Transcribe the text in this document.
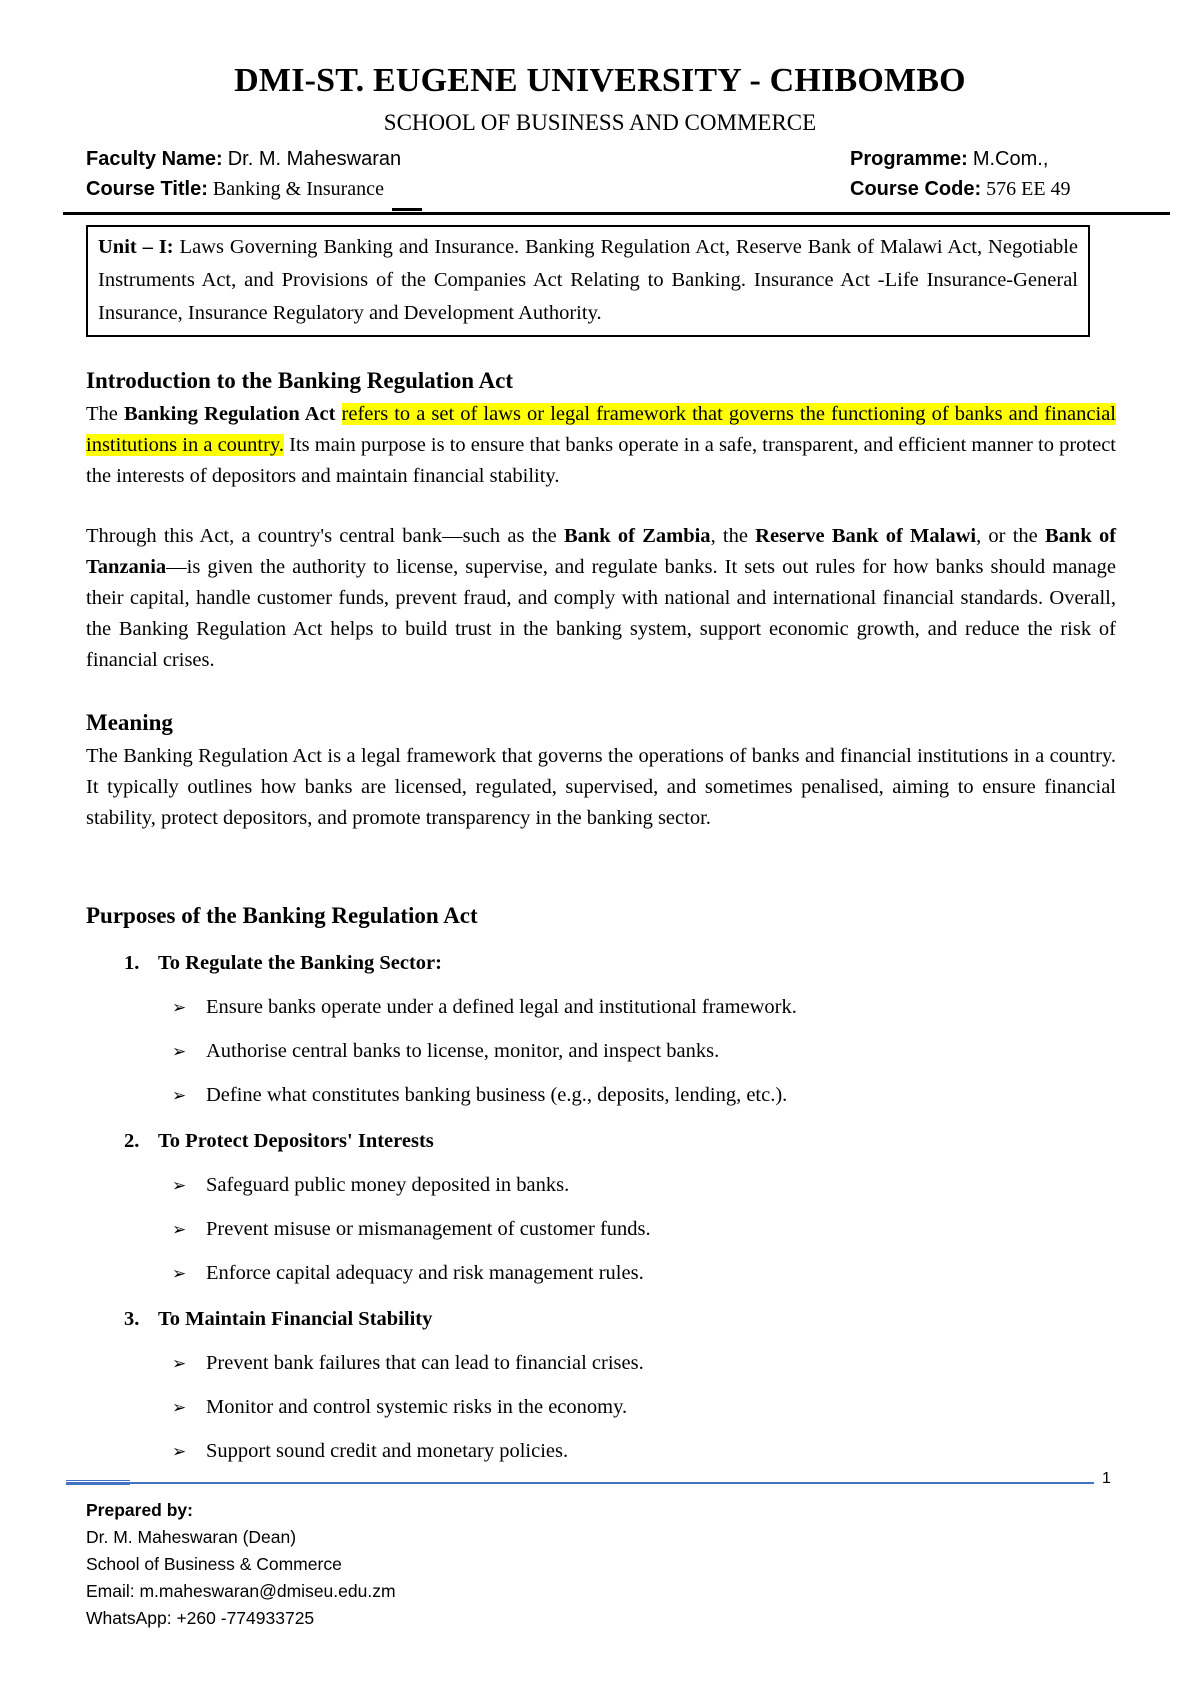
DMI-ST. EUGENE UNIVERSITY - CHIBOMBO
SCHOOL OF BUSINESS AND COMMERCE
Faculty Name: Dr. M. Maheswaran	Programme: M.Com.,
Course Title: Banking & Insurance	Course Code: 576 EE 49
Unit – I: Laws Governing Banking and Insurance. Banking Regulation Act, Reserve Bank of Malawi Act, Negotiable Instruments Act, and Provisions of the Companies Act Relating to Banking. Insurance Act -Life Insurance-General Insurance, Insurance Regulatory and Development Authority.
Introduction to the Banking Regulation Act
The Banking Regulation Act refers to a set of laws or legal framework that governs the functioning of banks and financial institutions in a country. Its main purpose is to ensure that banks operate in a safe, transparent, and efficient manner to protect the interests of depositors and maintain financial stability.
Through this Act, a country's central bank—such as the Bank of Zambia, the Reserve Bank of Malawi, or the Bank of Tanzania—is given the authority to license, supervise, and regulate banks. It sets out rules for how banks should manage their capital, handle customer funds, prevent fraud, and comply with national and international financial standards. Overall, the Banking Regulation Act helps to build trust in the banking system, support economic growth, and reduce the risk of financial crises.
Meaning
The Banking Regulation Act is a legal framework that governs the operations of banks and financial institutions in a country. It typically outlines how banks are licensed, regulated, supervised, and sometimes penalised, aiming to ensure financial stability, protect depositors, and promote transparency in the banking sector.
Purposes of the Banking Regulation Act
1. To Regulate the Banking Sector:
➢ Ensure banks operate under a defined legal and institutional framework.
➢ Authorise central banks to license, monitor, and inspect banks.
➢ Define what constitutes banking business (e.g., deposits, lending, etc.).
2. To Protect Depositors' Interests
➢ Safeguard public money deposited in banks.
➢ Prevent misuse or mismanagement of customer funds.
➢ Enforce capital adequacy and risk management rules.
3. To Maintain Financial Stability
➢ Prevent bank failures that can lead to financial crises.
➢ Monitor and control systemic risks in the economy.
➢ Support sound credit and monetary policies.
1
Prepared by:
Dr. M. Maheswaran (Dean)
School of Business & Commerce
Email: m.maheswaran@dmiseu.edu.zm
WhatsApp: +260 -774933725
